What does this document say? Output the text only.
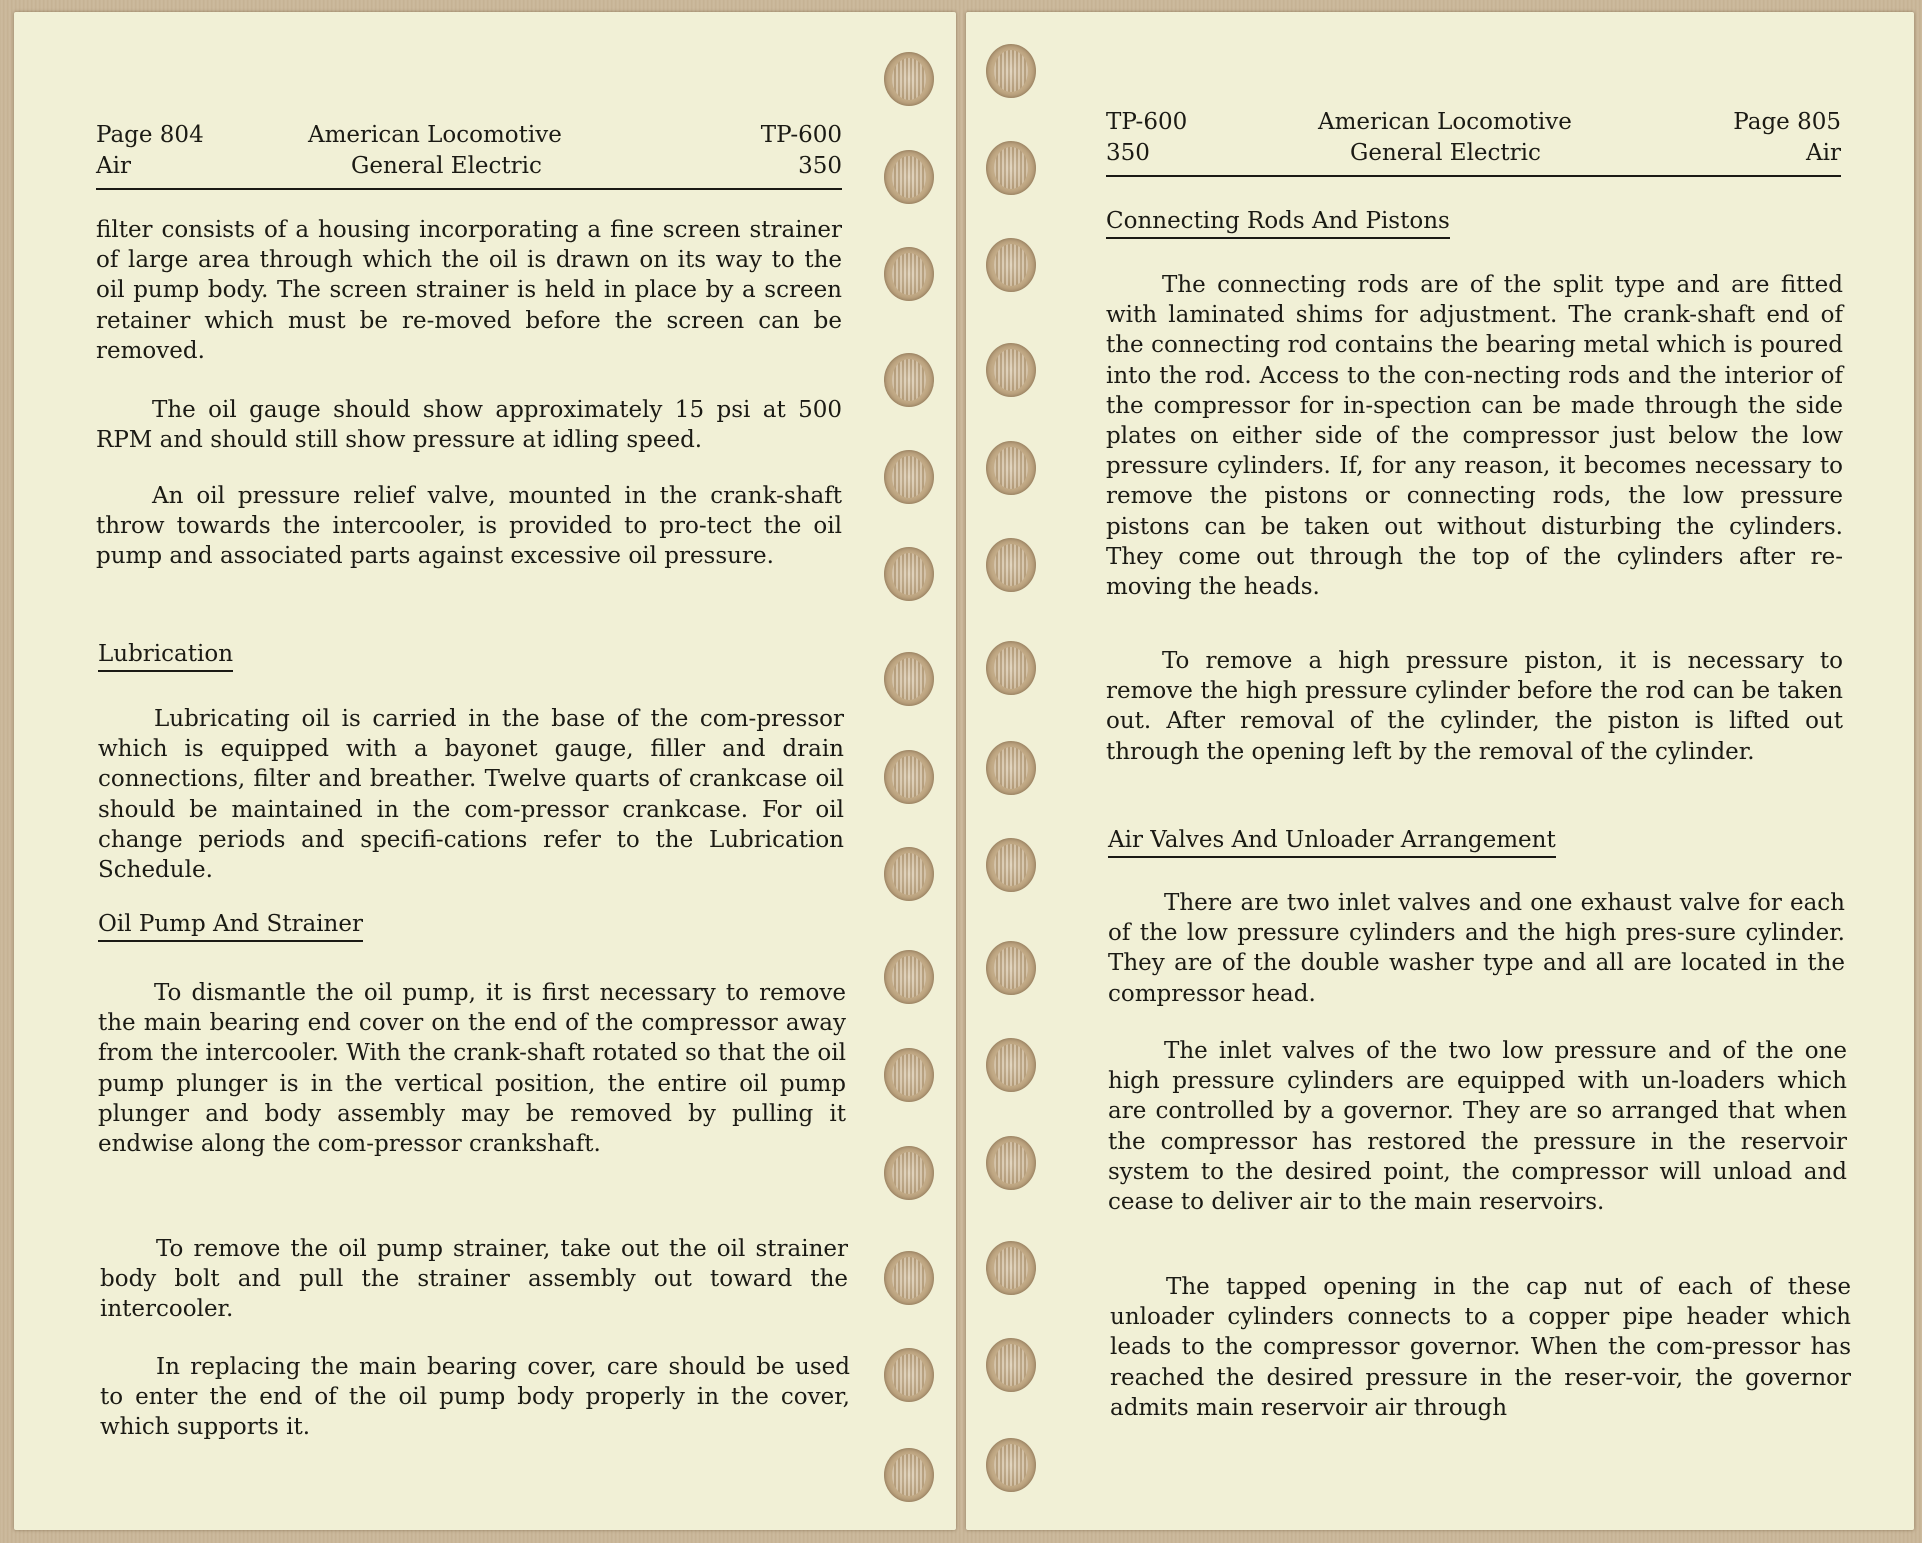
Page 804
Air
American Locomotive
General Electric
TP-600
350
filter consists of a housing incorporating a fine screen strainer of large area through which the oil is drawn on its way to the oil pump body. The screen strainer is held in place by a screen retainer which must be re-moved before the screen can be removed.
The oil gauge should show approximately 15 psi at 500 RPM and should still show pressure at idling speed.
An oil pressure relief valve, mounted in the crank-shaft throw towards the intercooler, is provided to pro-tect the oil pump and associated parts against excessive oil pressure.
Lubrication
Lubricating oil is carried in the base of the com-pressor which is equipped with a bayonet gauge, filler and drain connections, filter and breather. Twelve quarts of crankcase oil should be maintained in the com-pressor crankcase. For oil change periods and specifi-cations refer to the Lubrication Schedule.
Oil Pump And Strainer
To dismantle the oil pump, it is first necessary to remove the main bearing end cover on the end of the compressor away from the intercooler. With the crank-shaft rotated so that the oil pump plunger is in the vertical position, the entire oil pump plunger and body assembly may be removed by pulling it endwise along the com-pressor crankshaft.
To remove the oil pump strainer, take out the oil strainer body bolt and pull the strainer assembly out toward the intercooler.
In replacing the main bearing cover, care should be used to enter the end of the oil pump body properly in the cover, which supports it.
TP-600
350
American Locomotive
General Electric
Page 805
Air
Connecting Rods And Pistons
The connecting rods are of the split type and are fitted with laminated shims for adjustment. The crank-shaft end of the connecting rod contains the bearing metal which is poured into the rod. Access to the con-necting rods and the interior of the compressor for in-spection can be made through the side plates on either side of the compressor just below the low pressure cylinders. If, for any reason, it becomes necessary to remove the pistons or connecting rods, the low pressure pistons can be taken out without disturbing the cylinders. They come out through the top of the cylinders after re-moving the heads.
To remove a high pressure piston, it is necessary to remove the high pressure cylinder before the rod can be taken out. After removal of the cylinder, the piston is lifted out through the opening left by the removal of the cylinder.
Air Valves And Unloader Arrangement
There are two inlet valves and one exhaust valve for each of the low pressure cylinders and the high pres-sure cylinder. They are of the double washer type and all are located in the compressor head.
The inlet valves of the two low pressure and of the one high pressure cylinders are equipped with un-loaders which are controlled by a governor. They are so arranged that when the compressor has restored the pressure in the reservoir system to the desired point, the compressor will unload and cease to deliver air to the main reservoirs.
The tapped opening in the cap nut of each of these unloader cylinders connects to a copper pipe header which leads to the compressor governor. When the com-pressor has reached the desired pressure in the reser-voir, the governor admits main reservoir air through
